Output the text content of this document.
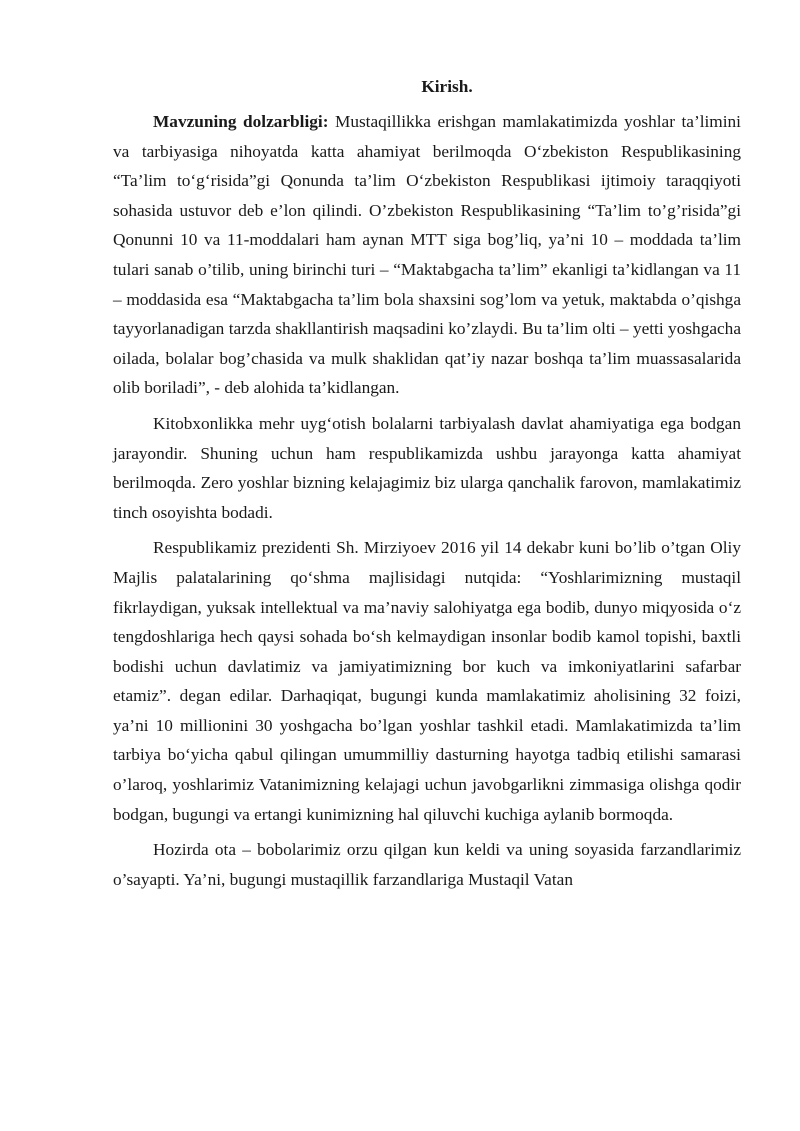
Kirish.

Mavzuning dolzarbligi: Mustaqillikka erishgan mamlakatimizda yoshlar ta’limini va tarbiyasiga nihoyatda katta ahamiyat berilmoqda O‘zbekiston Respublikasining “Ta’lim to‘g‘risida”gi Qonunda ta’lim O‘zbekiston Respublikasi ijtimoiy taraqqiyoti sohasida ustuvor deb e’lon qilindi. O’zbekiston Respublikasining “Ta’lim to’g’risida”gi Qonunni 10 va 11-moddalari ham aynan MTT siga bog’liq, ya’ni 10 – moddada ta’lim tulari sanab o’tilib, uning birinchi turi – “Maktabgacha ta’lim” ekanligi ta’kidlangan va 11 – moddasida esa “Maktabgacha ta’lim bola shaxsini sog’lom va yetuk, maktabda o’qishga tayyorlanadigan tarzda shakllantirish maqsadini ko’zlaydi. Bu ta’lim olti – yetti yoshgacha oilada, bolalar bog’chasida va mulk shaklidan qat’iy nazar boshqa ta’lim muassasalarida olib boriladi”, - deb alohida ta’kidlangan.

Kitobxonlikka mehr uyg‘otish bolalarni tarbiyalash davlat ahamiyatiga ega bodgan jarayondir. Shuning uchun ham respublikamizda ushbu jarayonga katta ahamiyat berilmoqda. Zero yoshlar bizning kelajagimiz biz ularga qanchalik farovon, mamlakatimiz tinch osoyishta bodadi.

Respublikamiz prezidenti Sh. Mirziyoev 2016 yil 14 dekabr kuni bo’lib o’tgan Oliy Majlis palatalarining qo‘shma majlisidagi nutqida: “Yoshlarimizning mustaqil fikrlaydigan, yuksak intellektual va ma’naviy salohiyatga ega bodib, dunyo miqyosida o‘z tengdoshlariga hech qaysi sohada bo‘sh kelmaydigan insonlar bodib kamol topishi, baxtli bodishi uchun davlatimiz va jamiyatimizning bor kuch va imkoniyatlarini safarbar etamiz”. degan edilar. Darhaqiqat, bugungi kunda mamlakatimiz aholisining 32 foizi, ya’ni 10 millionini 30 yoshgacha bo’lgan yoshlar tashkil etadi. Mamlakatimizda ta’lim tarbiya bo‘yicha qabul qilingan umummilliy dasturning hayotga tadbiq etilishi samarasi o’laroq, yoshlarimiz Vatanimizning kelajagi uchun javobgarlikni zimmasiga olishga qodir bodgan, bugungi va ertangi kunimizning hal qiluvchi kuchiga aylanib bormoqda.

Hozirda ota – bobolarimiz orzu qilgan kun keldi va uning soyasida farzandlarimiz o’sayapti. Ya’ni, bugungi mustaqillik farzandlariga Mustaqil Vatan
